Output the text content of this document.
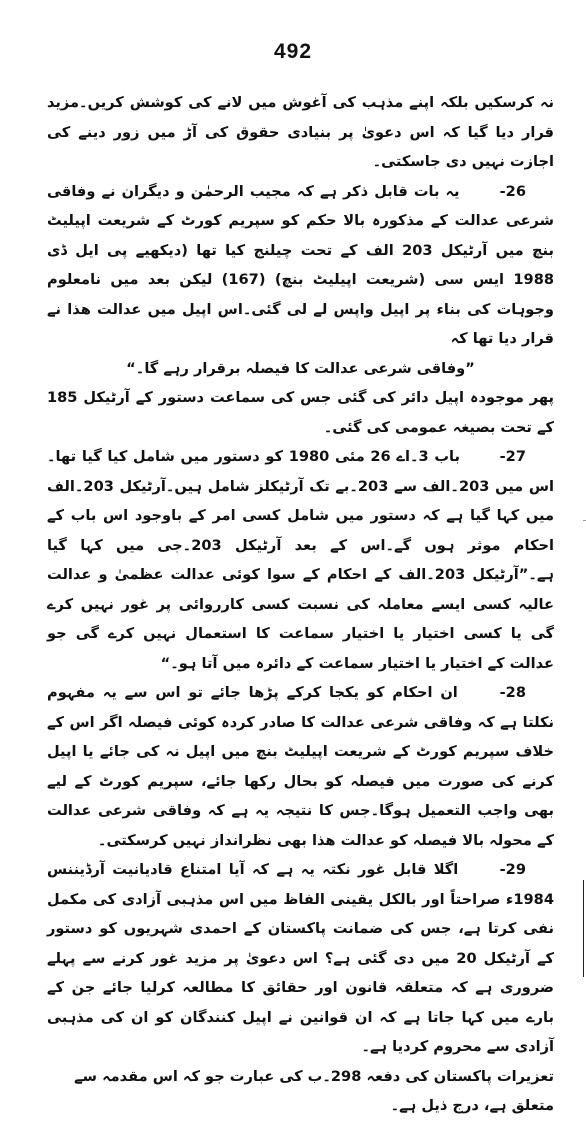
492

نہ کرسکیں بلکہ اپنے مذہب کی آغوش میں لانے کی کوشش کریں۔مزید قرار دیا گیا کہ اس دعویٰ پر بنیادی حقوق کی آڑ میں زور دینے کی اجازت نہیں دی جاسکتی۔

-26 یہ بات قابل ذکر ہے کہ مجیب الرحمٰن و دیگران نے وفاقی شرعی عدالت کے مذکورہ بالا حکم کو سپریم کورٹ کے شریعت اپیلیٹ بنچ میں آرٹیکل 203 الف کے تحت چیلنج کیا تھا (دیکھیے پی ایل ڈی 1988 ایس سی (شریعت اپیلیٹ بنچ) (167) لیکن بعد میں نامعلوم وجوہات کی بناء پر اپیل واپس لے لی گئی۔اس اپیل میں عدالت ھذا نے قرار دیا تھا کہ

”وفاقی شرعی عدالت کا فیصلہ برقرار رہے گا۔“

پھر موجودہ اپیل دائر کی گئی جس کی سماعت دستور کے آرٹیکل 185 کے تحت بصیغہ عمومی کی گئی۔

-27 باب 3۔اے 26 مئی 1980 کو دستور میں شامل کیا گیا تھا۔اس میں 203۔الف سے 203۔بے تک آرٹیکلز شامل ہیں۔آرٹیکل 203۔الف میں کہا گیا ہے کہ دستور میں شامل کسی امر کے باوجود اس باب کے احکام موثر ہوں گے۔اس کے بعد آرٹیکل 203۔جی میں کہا گیا ہے۔”آرٹیکل 203۔الف کے احکام کے سوا کوئی عدالت عظمیٰ و عدالت عالیہ کسی ایسے معاملہ کی نسبت کسی کارروائی پر غور نہیں کرے گی یا کسی اختیار یا اختیار سماعت کا استعمال نہیں کرے گی جو عدالت کے اختیار یا اختیار سماعت کے دائرہ میں آتا ہو۔“

-28 ان احکام کو یکجا کرکے پڑھا جائے تو اس سے یہ مفہوم نکلتا ہے کہ وفاقی شرعی عدالت کا صادر کردہ کوئی فیصلہ اگر اس کے خلاف سپریم کورٹ کے شریعت اپیلیٹ بنچ میں اپیل نہ کی جائے یا اپیل کرنے کی صورت میں فیصلہ کو بحال رکھا جائے، سپریم کورٹ کے لیے بھی واجب التعمیل ہوگا۔جس کا نتیجہ یہ ہے کہ وفاقی شرعی عدالت کے محولہ بالا فیصلہ کو عدالت ھذا بھی نظرانداز نہیں کرسکتی۔

-29 اگلا قابل غور نکتہ یہ ہے کہ آیا امتناع قادیانیت آرڈیننس 1984ء صراحتاً اور بالکل یقینی الفاظ میں اس مذہبی آزادی کی مکمل نفی کرتا ہے، جس کی ضمانت پاکستان کے احمدی شہریوں کو دستور کے آرٹیکل 20 میں دی گئی ہے؟ اس دعویٰ پر مزید غور کرنے سے پہلے ضروری ہے کہ متعلقہ قانون اور حقائق کا مطالعہ کرلیا جائے جن کے بارے میں کہا جاتا ہے کہ ان قوانین نے اپیل کنندگان کو ان کی مذہبی آزادی سے محروم کردیا ہے۔

تعزیرات پاکستان کی دفعہ 298۔ب کی عبارت جو کہ اس مقدمہ سے متعلق ہے، درج ذیل ہے۔
